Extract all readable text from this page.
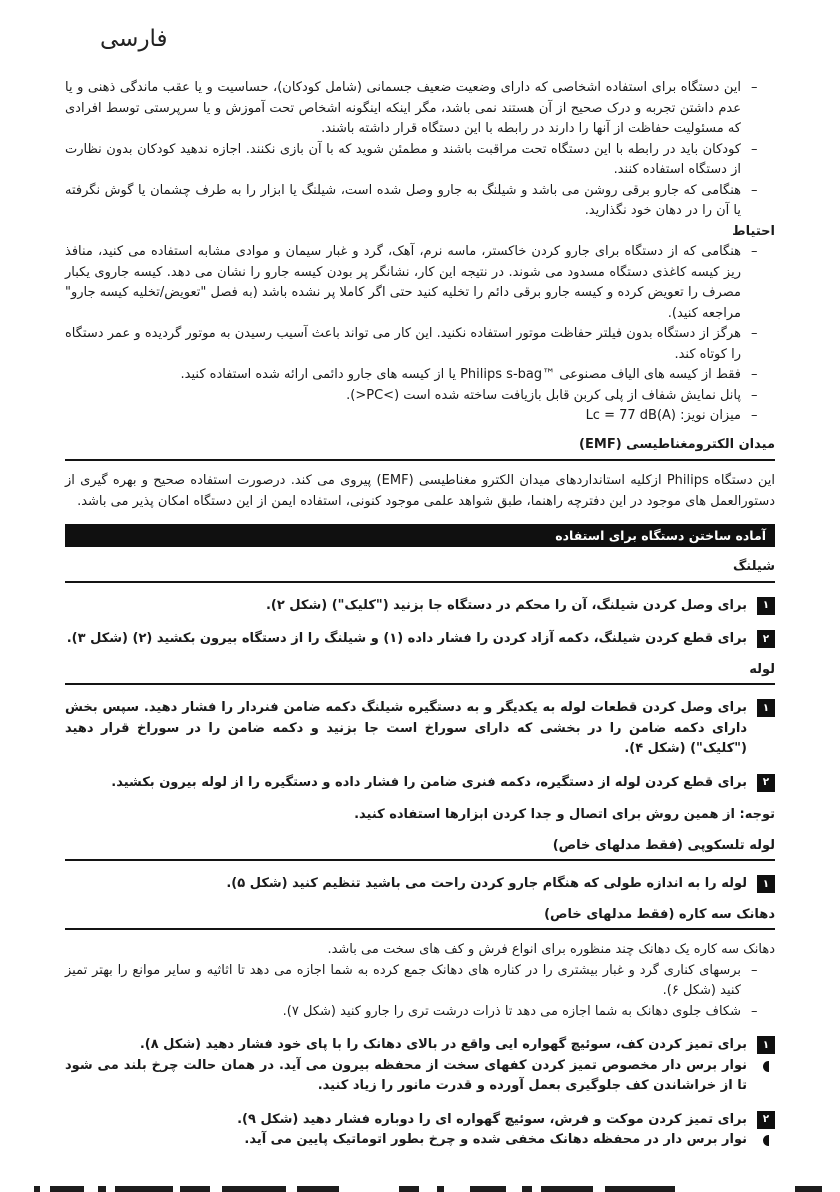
فارسی
–
این دستگاه برای استفاده اشخاصی که دارای وضعیت ضعیف جسمانی (شامل کودکان)، حساسیت و یا عقب ماندگی ذهنی و یا عدم داشتن تجربه و درک صحیح از آن هستند نمی باشد، مگر اینکه اینگونه اشخاص تحت آموزش و یا سرپرستی توسط افرادی که مسئولیت حفاظت از آنها را دارند در رابطه با این دستگاه قرار داشته باشند.
–
کودکان باید در رابطه با این دستگاه تحت مراقبت باشند و مطمئن شوید که با آن بازی نکنند. اجازه ندهید کودکان بدون نظارت از دستگاه استفاده کنند.
–
هنگامی که جارو برقی روشن می باشد و شیلنگ به جارو وصل شده است، شیلنگ یا ابزار را به طرف چشمان یا گوش نگرفته یا آن را در دهان خود نگذارید.
احتیاط
–
هنگامی که از دستگاه برای جارو کردن خاکستر، ماسه نرم، آهک، گرد و غبار سیمان و موادی مشابه استفاده می کنید، منافذ ریز کیسه کاغذی دستگاه مسدود می شوند. در نتیجه این کار، نشانگر پر بودن کیسه جارو را نشان می دهد. کیسه جاروی یکبار مصرف را تعویض کرده و کیسه جارو برقی دائم را تخلیه کنید حتی اگر کاملا پر نشده باشد (به فصل "تعویض/تخلیه کیسه جارو" مراجعه کنید).
–
هرگز از دستگاه بدون فیلتر حفاظت موتور استفاده نکنید. این کار می تواند باعث آسیب رسیدن به موتور گردیده و عمر دستگاه را کوتاه کند.
–
فقط از کیسه های الیاف مصنوعی ‎Philips s-bag™‎ یا از کیسه های جارو دائمی ارائه شده استفاده کنید.
–
پانل نمایش شفاف از پلی کربن قابل بازیافت ساخته شده است (‎>PC<‎).
–
میزان نویز: ‎Lc = 77 dB(A)‎
میدان الکترومغناطیسی (EMF)
این دستگاه Philips ازکلیه استانداردهای میدان الکترو مغناطیسی (EMF) پیروی می کند. درصورت استفاده صحیح و بهره گیری از دستورالعمل های موجود در این دفترچه راهنما، طبق شواهد علمی موجود کنونی، استفاده ایمن از این دستگاه امکان پذیر می باشد.
آماده ساختن دستگاه برای استفاده
شیلنگ
۱
برای وصل کردن شیلنگ، آن را محکم در دستگاه جا بزنید ("کلیک") (شکل ۲).
۲
برای قطع کردن شیلنگ، دکمه آزاد کردن را فشار داده (۱) و شیلنگ را از دستگاه بیرون بکشید (۲) (شکل ۳).
لوله
۱
برای وصل کردن قطعات لوله به یکدیگر و به دستگیره شیلنگ دکمه ضامن فنردار را فشار دهید. سپس بخش دارای دکمه ضامن را در بخشی که دارای سوراخ است جا بزنید و دکمه ضامن را در سوراخ قرار دهید ("کلیک") (شکل ۴).
۲
برای قطع کردن لوله از دستگیره، دکمه فنری ضامن را فشار داده و دستگیره را از لوله بیرون بکشید.
توجه: از همین روش برای اتصال و جدا کردن ابزارها استفاده کنید.
لوله تلسکوپی (فقط مدلهای خاص)
۱
لوله را به اندازه طولی که هنگام جارو کردن راحت می باشید تنظیم کنید (شکل ۵).
دهانک سه کاره (فقط مدلهای خاص)
دهانک سه کاره یک دهانک چند منظوره برای انواع فرش و کف های سخت می باشد.
–
برسهای کناری گرد و غبار بیشتری را در کناره های دهانک جمع کرده به شما اجازه می دهد تا اثاثیه و سایر موانع را بهتر تمیز کنید (شکل ۶).
–
شکاف جلوی دهانک به شما اجازه می دهد تا ذرات درشت تری را جارو کنید (شکل ۷).
۱
برای تمیز کردن کف، سوئیچ گهواره ایی واقع در بالای دهانک را با پای خود فشار دهید (شکل ۸).
نوار برس دار مخصوص تمیز کردن کفهای سخت از محفظه بیرون می آید. در همان حالت چرخ بلند می شود تا از خراشاندن کف جلوگیری بعمل آورده و قدرت مانور را زیاد کنید.
۲
برای تمیز کردن موکت و فرش، سوئیچ گهواره ای را دوباره فشار دهید (شکل ۹).
نوار برس دار در محفظه دهانک مخفی شده و چرخ بطور اتوماتیک پایین می آید.
